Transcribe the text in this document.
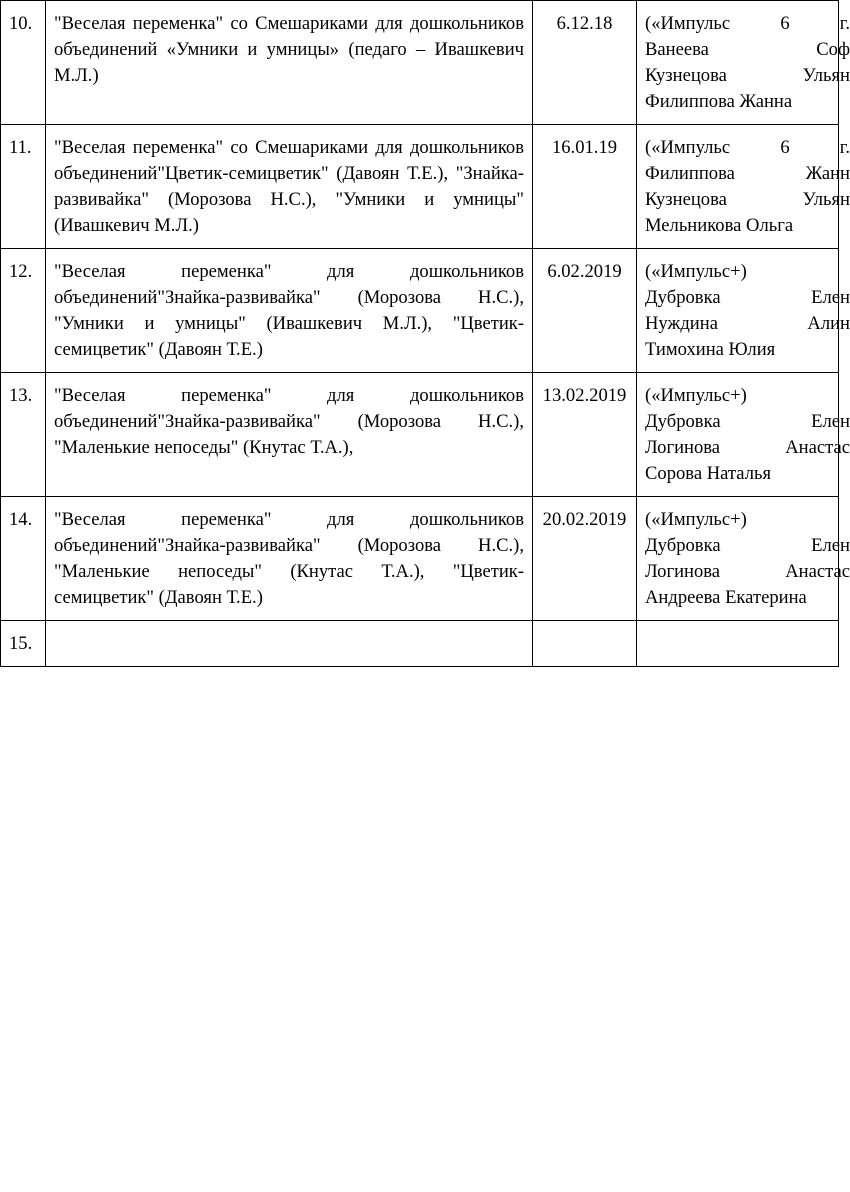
10.	"Веселая переменка" со Смешариками для дошкольников объединений «Умники и умницы» (педаго – Ивашкевич М.Л.)	6.12.18	(«Импульс 6 г.
Ванеева Соф
Кузнецова Ульян
Филиппова Жанна

11.	"Веселая переменка" со Смешариками для дошкольников объединений"Цветик-семицветик" (Давоян Т.Е.), "Знайка-развивайка" (Морозова Н.С.), "Умники и умницы" (Ивашкевич М.Л.)	16.01.19	(«Импульс 6 г.
Филиппова Жанн
Кузнецова Ульян
Мельникова Ольга

12.	"Веселая переменка" для дошкольников объединений"Знайка-развивайка" (Морозова Н.С.), "Умники и умницы" (Ивашкевич М.Л.), "Цветик-семицветик" (Давоян Т.Е.)	6.02.2019	(«Импульс+)
Дубровка Елен
Нуждина Алин
Тимохина Юлия

13.	"Веселая переменка" для дошкольников объединений"Знайка-развивайка" (Морозова Н.С.), "Маленькие непоседы" (Кнутас Т.А.),	13.02.2019	(«Импульс+)
Дубровка Елен
Логинова Анастас
Сорова Наталья

14.	"Веселая переменка" для дошкольников объединений"Знайка-развивайка" (Морозова Н.С.), "Маленькие непоседы" (Кнутас Т.А.), "Цветик-семицветик" (Давоян Т.Е.)	20.02.2019	(«Импульс+)
Дубровка Елен
Логинова Анастас
Андреева Екатерина

15.			
